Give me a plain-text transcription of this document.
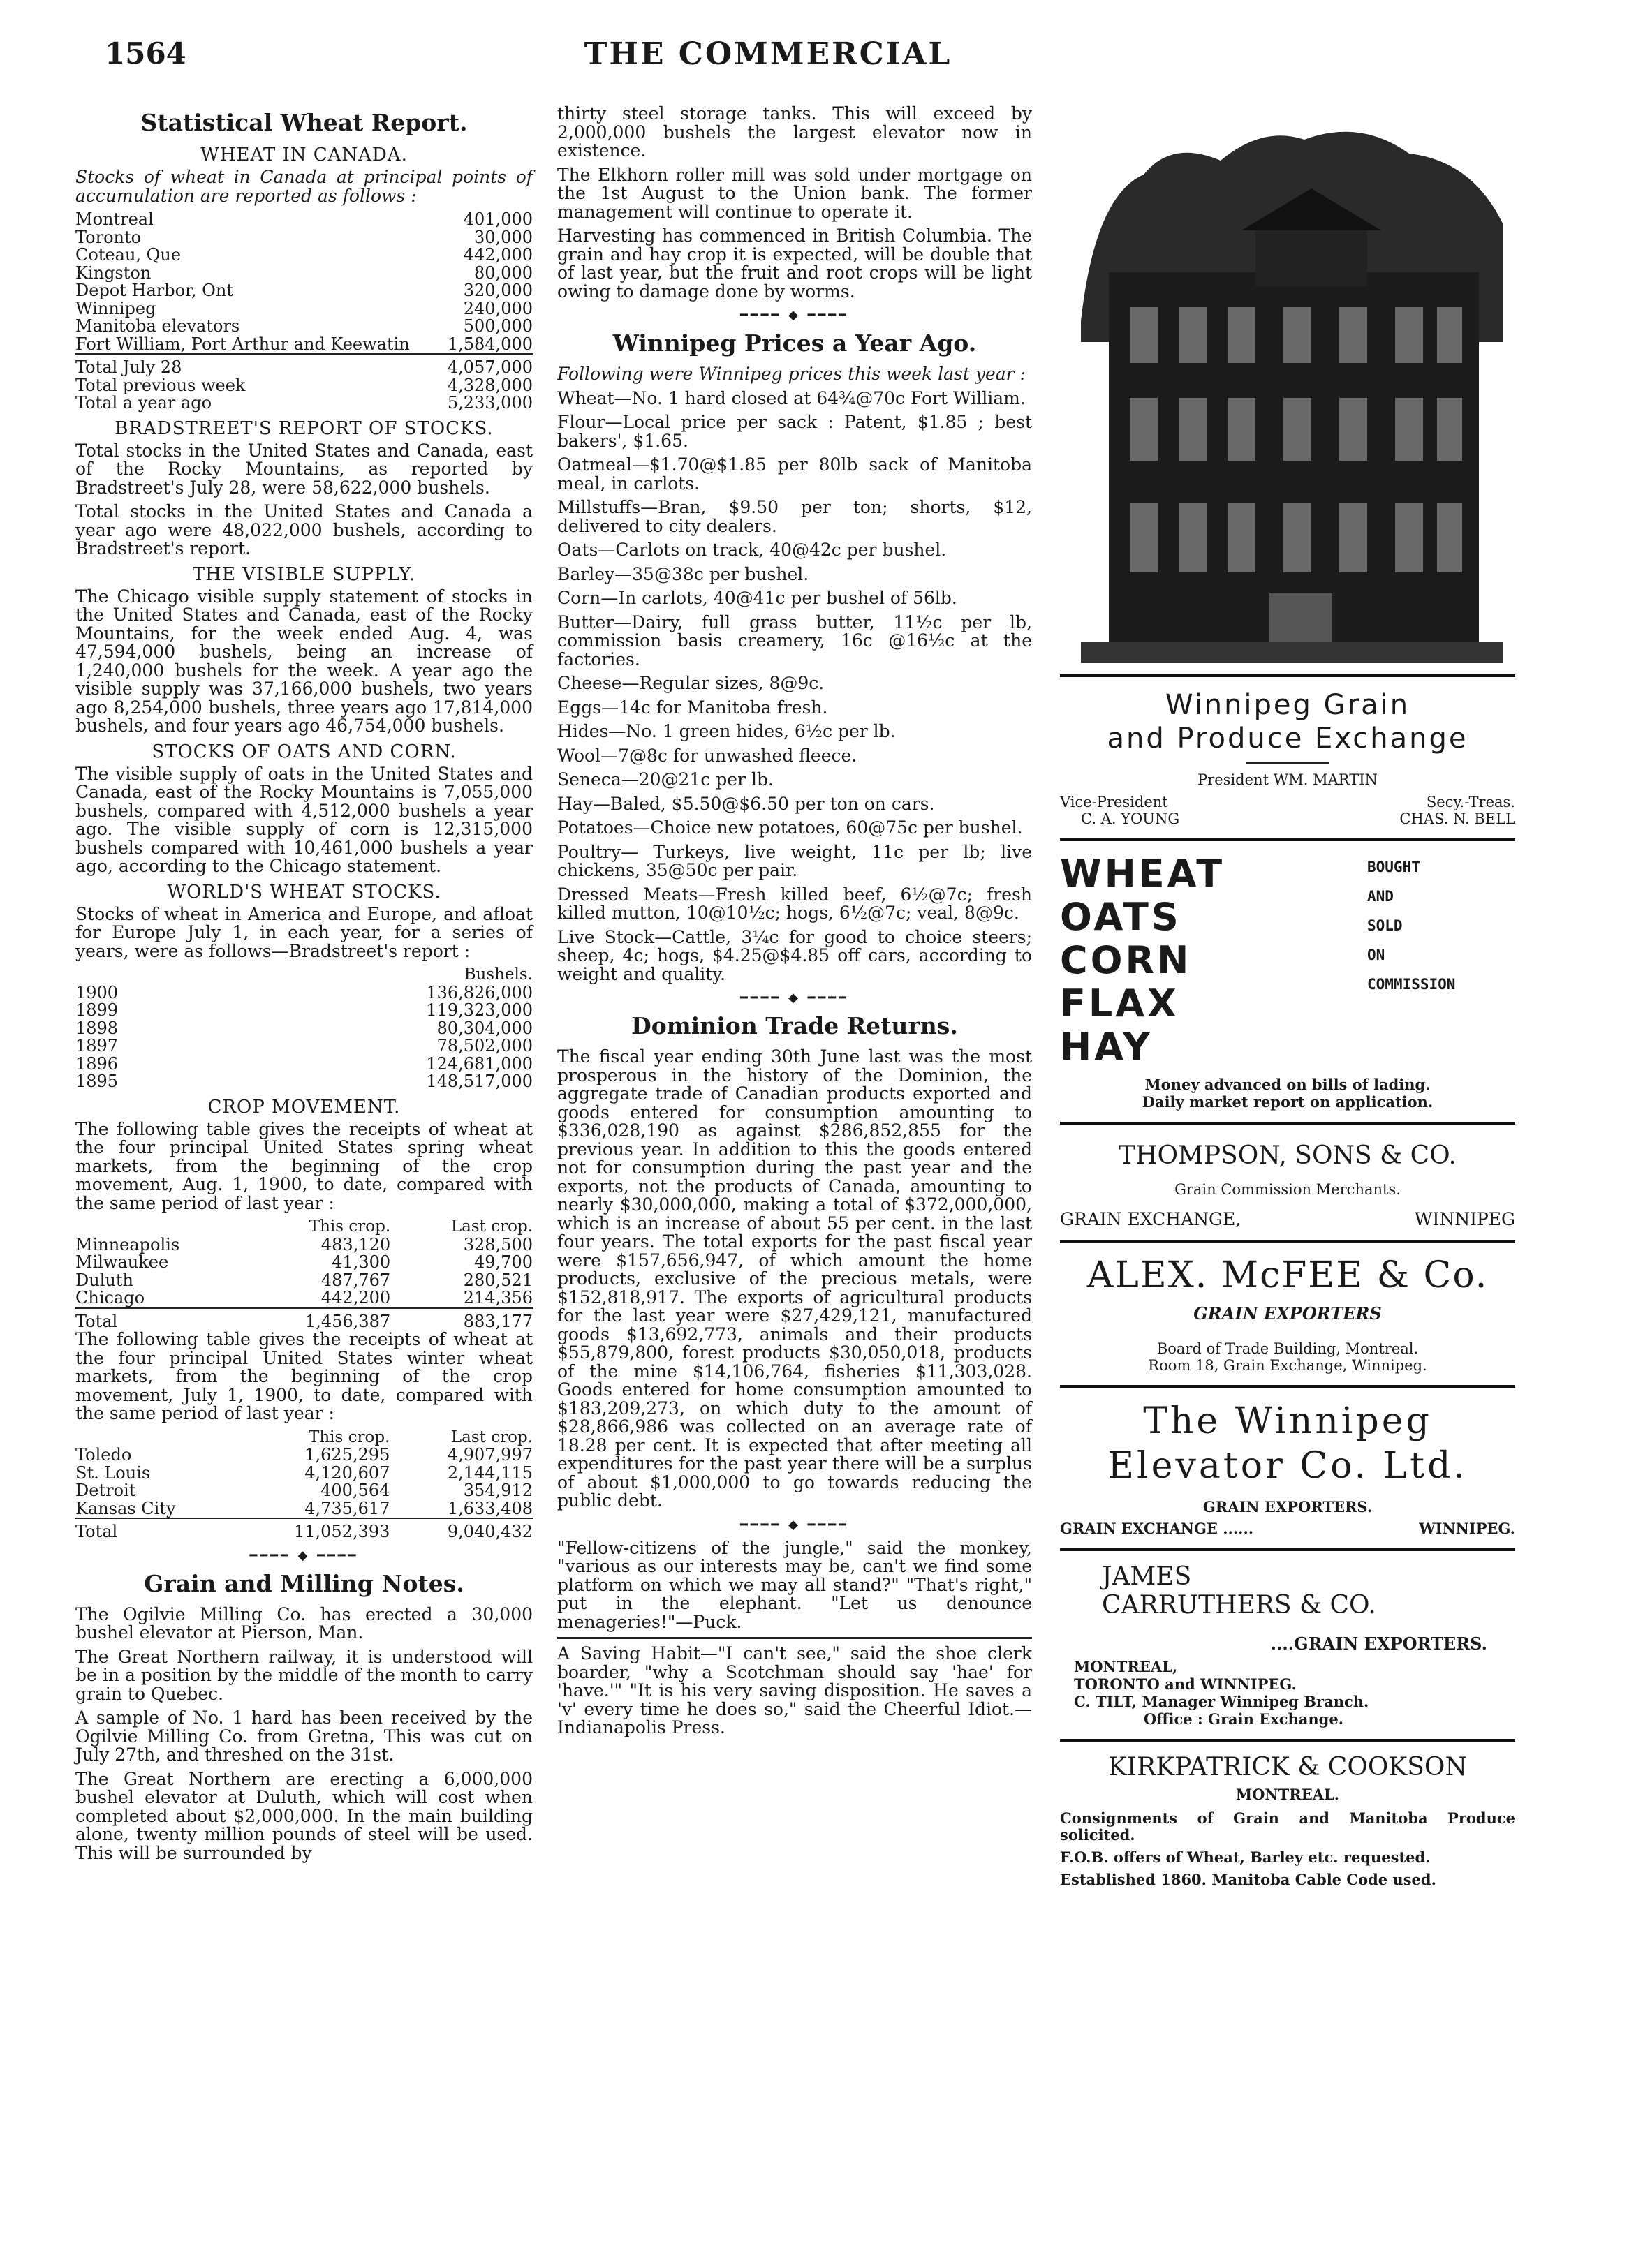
1564	THE COMMERCIAL
Statistical Wheat Report.
WHEAT IN CANADA.

Stocks of wheat in Canada at principal points of accumulation are reported as follows :

Montreal	401,000
Toronto	30,000
Coteau, Que	442,000
Kingston	80,000
Depot Harbor, Ont	320,000
Winnipeg	240,000
Manitoba elevators	500,000
Fort William, Port Arthur and Keewatin	1,584,000
Total July 28	4,057,000
Total previous week	4,328,000
Total a year ago	5,233,000
BRADSTREET'S REPORT OF STOCKS.

Total stocks in the United States and Canada, east of the Rocky Mountains, as reported by Bradstreet's July 28, were 58,622,000 bushels.

Total stocks in the United States and Canada a year ago were 48,022,000 bushels, according to Bradstreet's report.

THE VISIBLE SUPPLY.

The Chicago visible supply statement of stocks in the United States and Canada, east of the Rocky Mountains, for the week ended Aug. 4, was 47,594,000 bushels, being an increase of 1,240,000 bushels for the week. A year ago the visible supply was 37,166,000 bushels, two years ago 8,254,000 bushels, three years ago 17,814,000 bushels, and four years ago 46,754,000 bushels.

STOCKS OF OATS AND CORN.

The visible supply of oats in the United States and Canada, east of the Rocky Mountains is 7,055,000 bushels, compared with 4,512,000 bushels a year ago. The visible supply of corn is 12,315,000 bushels compared with 10,461,000 bushels a year ago, according to the Chicago statement.

WORLD'S WHEAT STOCKS.

Stocks of wheat in America and Europe, and afloat for Europe July 1, in each year, for a series of years, were as follows—Bradstreet's report :

	Bushels.
1900	136,826,000
1899	119,323,000
1898	80,304,000
1897	78,502,000
1896	124,681,000
1895	148,517,000
CROP MOVEMENT.

The following table gives the receipts of wheat at the four principal United States spring wheat markets, from the beginning of the crop movement, Aug. 1, 1900, to date, compared with the same period of last year :

	This crop.	Last crop.
Minneapolis	483,120	328,500
Milwaukee	41,300	49,700
Duluth	487,767	280,521
Chicago	442,200	214,356
Total	1,456,387	883,177

The following table gives the receipts of wheat at the four principal United States winter wheat markets, from the beginning of the crop movement, July 1, 1900, to date, compared with the same period of last year :

	This crop.	Last crop.
Toledo	1,625,295	4,907,997
St. Louis	4,120,607	2,144,115
Detroit	400,564	354,912
Kansas City	4,735,617	1,633,408
Total	11,052,393	9,040,432
━━━━ ◆ ━━━━
Grain and Milling Notes.

The Ogilvie Milling Co. has erected a 30,000 bushel elevator at Pierson, Man.

The Great Northern railway, it is understood will be in a position by the middle of the month to carry grain to Quebec.

A sample of No. 1 hard has been received by the Ogilvie Milling Co. from Gretna, This was cut on July 27th, and threshed on the 31st.

The Great Northern are erecting a 6,000,000 bushel elevator at Duluth, which will cost when completed about $2,000,000. In the main building alone, twenty million pounds of steel will be used. This will be surrounded by

thirty steel storage tanks. This will exceed by 2,000,000 bushels the largest elevator now in existence.

The Elkhorn roller mill was sold under mortgage on the 1st August to the Union bank. The former management will continue to operate it.

Harvesting has commenced in British Columbia. The grain and hay crop it is expected, will be double that of last year, but the fruit and root crops will be light owing to damage done by worms.

━━━━ ◆ ━━━━
Winnipeg Prices a Year Ago.

Following were Winnipeg prices this week last year :

Wheat—No. 1 hard closed at 64¾@70c Fort William.

Flour—Local price per sack : Patent, $1.85 ; best bakers', $1.65.

Oatmeal—$1.70@$1.85 per 80lb sack of Manitoba meal, in carlots.

Millstuffs—Bran, $9.50 per ton; shorts, $12, delivered to city dealers.

Oats—Carlots on track, 40@42c per bushel.

Barley—35@38c per bushel.

Corn—In carlots, 40@41c per bushel of 56lb.

Butter—Dairy, full grass butter, 11½c per lb, commission basis creamery, 16c @16½c at the factories.

Cheese—Regular sizes, 8@9c.

Eggs—14c for Manitoba fresh.

Hides—No. 1 green hides, 6½c per lb.

Wool—7@8c for unwashed fleece.

Seneca—20@21c per lb.

Hay—Baled, $5.50@$6.50 per ton on cars.

Potatoes—Choice new potatoes, 60@75c per bushel.

Poultry— Turkeys, live weight, 11c per lb; live chickens, 35@50c per pair.

Dressed Meats—Fresh killed beef, 6½@7c; fresh killed mutton, 10@10½c; hogs, 6½@7c; veal, 8@9c.

Live Stock—Cattle, 3¼c for good to choice steers; sheep, 4c; hogs, $4.25@$4.85 off cars, according to weight and quality.

━━━━ ◆ ━━━━
Dominion Trade Returns.

The fiscal year ending 30th June last was the most prosperous in the history of the Dominion, the aggregate trade of Canadian products exported and goods entered for consumption amounting to $336,028,190 as against $286,852,855 for the previous year. In addition to this the goods entered not for consumption during the past year and the exports, not the products of Canada, amounting to nearly $30,000,000, making a total of $372,000,000, which is an increase of about 55 per cent. in the last four years. The total exports for the past fiscal year were $157,656,947, of which amount the home products, exclusive of the precious metals, were $152,818,917. The exports of agricultural products for the last year were $27,429,121, manufactured goods $13,692,773, animals and their products $55,879,800, forest products $30,050,018, products of the mine $14,106,764, fisheries $11,303,028. Goods entered for home consumption amounted to $183,209,273, on which duty to the amount of $28,866,986 was collected on an average rate of 18.28 per cent. It is expected that after meeting all expenditures for the past year there will be a surplus of about $1,000,000 to go towards reducing the public debt.

━━━━ ◆ ━━━━

"Fellow-citizens of the jungle," said the monkey, "various as our interests may be, can't we find some platform on which we may all stand?" "That's right," put in the elephant. "Let us denounce menageries!"—Puck.

A Saving Habit—"I can't see," said the shoe clerk boarder, "why a Scotchman should say 'hae' for 'have.'" "It is his very saving disposition. He saves a 'v' every time he does so," said the Cheerful Idiot.—Indianapolis Press.

Winnipeg Grain
and Produce Exchange
President WM. MARTIN
Vice-President
C. A. YOUNG
Secy.-Treas.
CHAS. N. BELL
WHEAT
OATS
CORN
FLAX
HAY
BOUGHT
AND
SOLD
ON
COMMISSION
Money advanced on bills of lading.
Daily market report on application.
THOMPSON, SONS & CO.
Grain Commission Merchants.
GRAIN EXCHANGE,	WINNIPEG
ALEX. McFEE & Co.
GRAIN EXPORTERS
Board of Trade Building, Montreal.
Room 18, Grain Exchange, Winnipeg.
The Winnipeg
Elevator Co. Ltd.
GRAIN EXPORTERS.
GRAIN EXCHANGE ......	WINNIPEG.
JAMES
CARRUTHERS & CO.
....GRAIN EXPORTERS.
MONTREAL,
TORONTO and WINNIPEG.
C. TILT, Manager Winnipeg Branch.
Office : Grain Exchange.
KIRKPATRICK & COOKSON
MONTREAL.

Consignments of Grain and Manitoba Produce solicited.

F.O.B. offers of Wheat, Barley etc. requested.

Established 1860. Manitoba Cable Code used.
